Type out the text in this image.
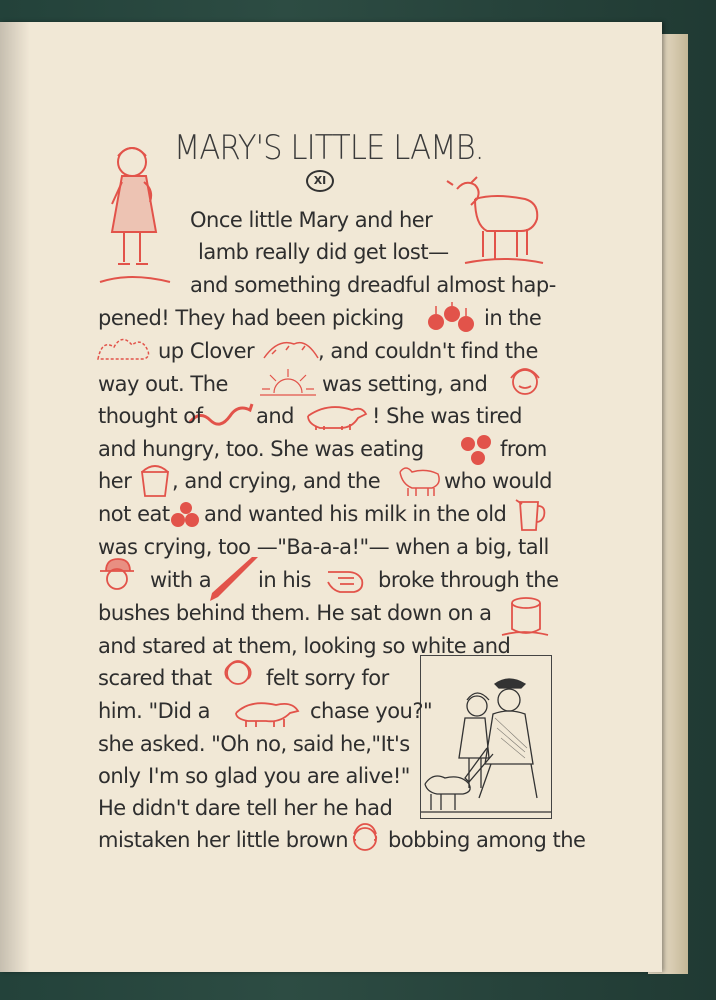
MARY'S LITTLE LAMB.
XI
Once little Mary and her
lamb really did get lost—
and something dreadful almost hap-
pened! They had been picking	in the
up Clover	, and couldn't find the
way out. The	was setting, and
thought of	and	! She was tired
and hungry, too. She was eating	from
her , and crying, and the	who would
not eat and wanted his milk in the old
was crying, too —"Ba-a-a!"— when a big, tall
with a in his	broke through the
bushes behind them. He sat down on a
and stared at them, looking so white and
scared that	felt sorry for
him. "Did a	chase you?"
she asked. "Oh no, said he,"It's
only I'm so glad you are alive!"
He didn't dare tell her he had
mistaken her little brown bobbing among the
